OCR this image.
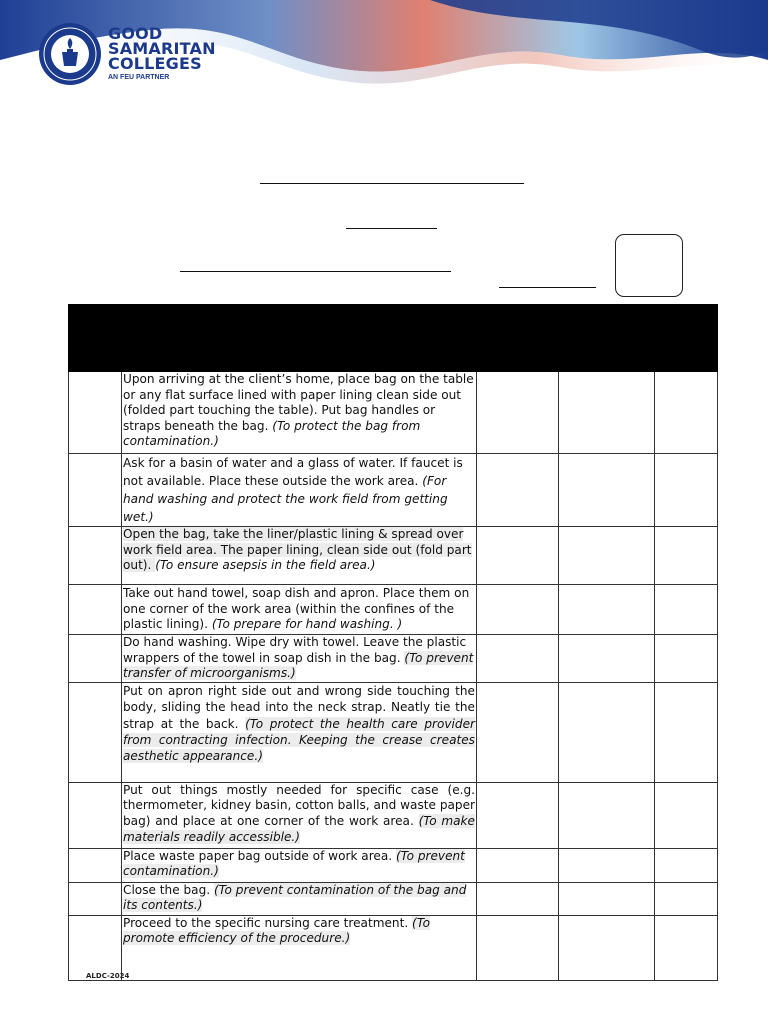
GOOD
SAMARITAN
COLLEGES
AN FEU PARTNER

	Upon arriving at the client’s home, place bag on the table or any flat surface lined with paper lining clean side out (folded part touching the table). Put bag handles or straps beneath the bag. (To protect the bag from contamination.)			
	Ask for a basin of water and a glass of water. If faucet is not available. Place these outside the work area. (For hand washing and protect the work field from getting wet.)			
	Open the bag, take the liner/plastic lining & spread over work field area. The paper lining, clean side out (fold part out). (To ensure asepsis in the field area.)			
	Take out hand towel, soap dish and apron. Place them on one corner of the work area (within the confines of the plastic lining). (To prepare for hand washing. )			
	Do hand washing. Wipe dry with towel. Leave the plastic wrappers of the towel in soap dish in the bag. (To prevent transfer of microorganisms.)			
	Put on apron right side out and wrong side touching the body, sliding the head into the neck strap. Neatly tie the strap at the back. (To protect the health care provider from contracting infection. Keeping the crease creates aesthetic appearance.)			
	Put out things mostly needed for specific case (e.g. thermometer, kidney basin, cotton balls, and waste paper bag) and place at one corner of the work area. (To make materials readily accessible.)			
	Place waste paper bag outside of work area. (To prevent contamination.)			
	Close the bag. (To prevent contamination of the bag and its contents.)			
	Proceed to the specific nursing care treatment. (To promote efficiency of the procedure.)			
ALDC-2024
